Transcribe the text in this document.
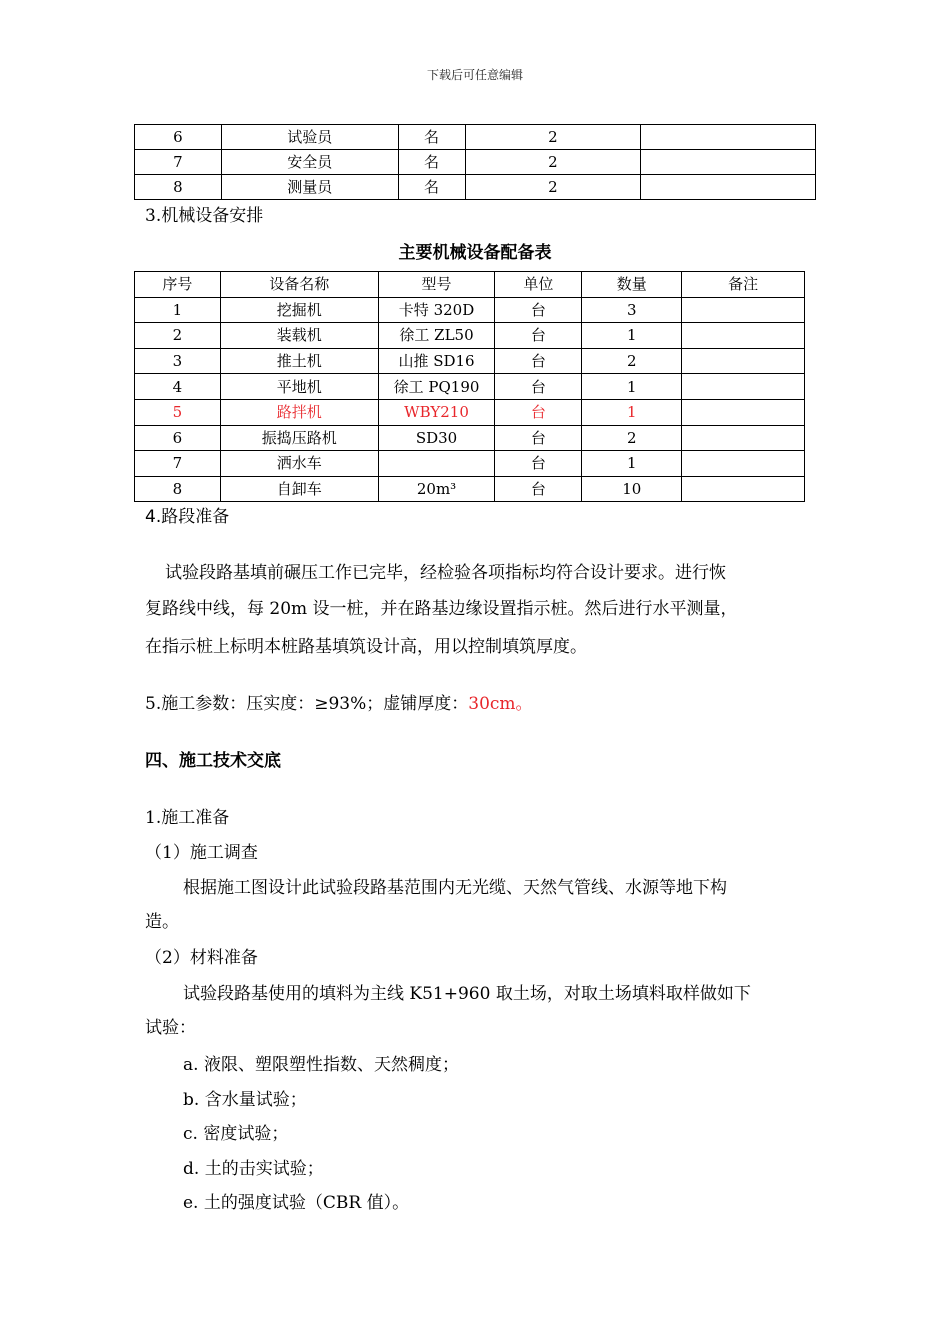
下载后可任意编辑
6	试验员	名	2	
7	安全员	名	2	
8	测量员	名	2	
3.机械设备安排
主要机械设备配备表
序号	设备名称	型号	单位	数量	备注
1	挖掘机	卡特 320D	台	3	
2	装载机	徐工 ZL50	台	1	
3	推土机	山推 SD16	台	2	
4	平地机	徐工 PQ190	台	1	
5	路拌机	WBY210	台	1	
6	振捣压路机	SD30	台	2	
7	洒水车		台	1	
8	自卸车	20m³	台	10	
4.路段准备
试验段路基填前碾压工作已完毕，经检验各项指标均符合设计要求。进行恢
复路线中线，每 20m 设一桩，并在路基边缘设置指示桩。然后进行水平测量，
在指示桩上标明本桩路基填筑设计高，用以控制填筑厚度。
5.施工参数：压实度：≥93%；虚铺厚度：30cm。
四、施工技术交底
1.施工准备
（1）施工调查
根据施工图设计此试验段路基范围内无光缆、天然气管线、水源等地下构
造。
（2）材料准备
试验段路基使用的填料为主线 K51+960 取土场，对取土场填料取样做如下
试验：
a. 液限、塑限塑性指数、天然稠度；
b. 含水量试验；
c. 密度试验；
d. 土的击实试验；
e. 土的强度试验（CBR 值）。
